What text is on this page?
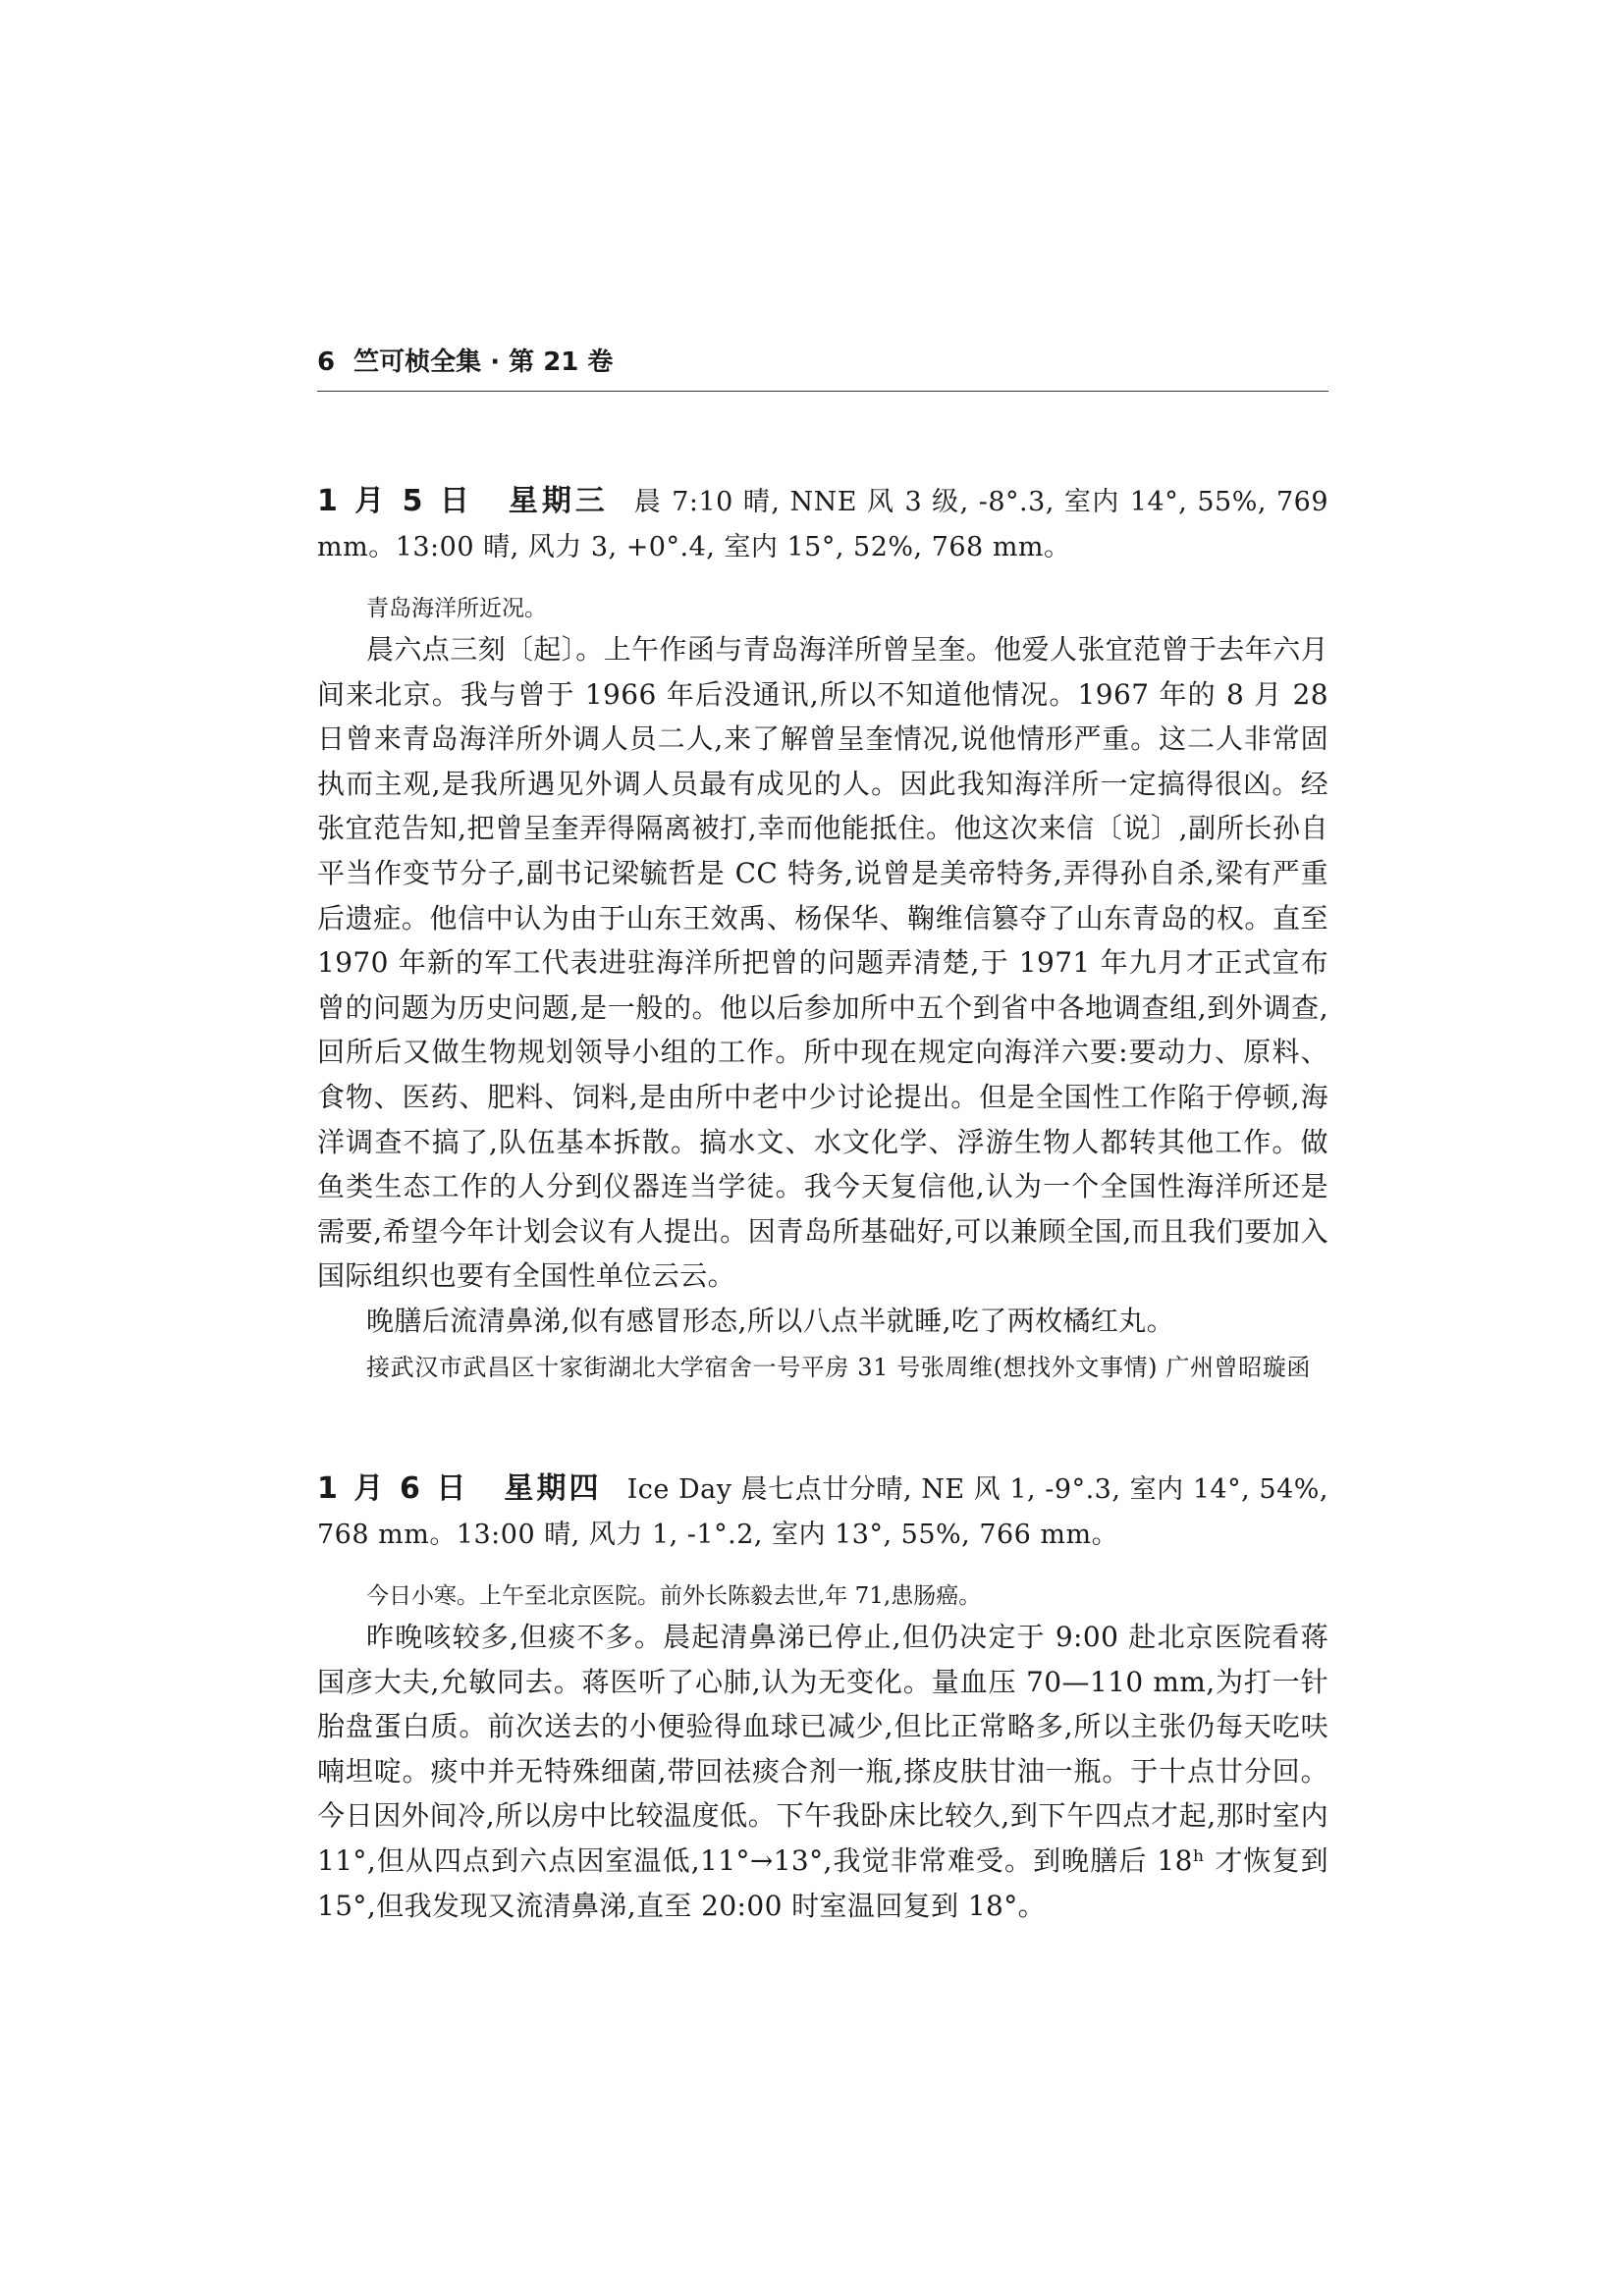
6 竺可桢全集 · 第 21 卷
1 月 5 日 星期三 晨 7:10 晴, NNE 风 3 级, -8°.3, 室内 14°, 55%, 769 mm。13:00 晴, 风力 3, +0°.4, 室内 15°, 52%, 768 mm。
青岛海洋所近况。

晨六点三刻〔起〕。上午作函与青岛海洋所曾呈奎。他爱人张宜范曾于去年六月间来北京。我与曾于 1966 年后没通讯,所以不知道他情况。1967 年的 8 月 28 日曾来青岛海洋所外调人员二人,来了解曾呈奎情况,说他情形严重。这二人非常固执而主观,是我所遇见外调人员最有成见的人。因此我知海洋所一定搞得很凶。经张宜范告知,把曾呈奎弄得隔离被打,幸而他能抵住。他这次来信〔说〕,副所长孙自平当作变节分子,副书记梁毓哲是 CC 特务,说曾是美帝特务,弄得孙自杀,梁有严重后遗症。他信中认为由于山东王效禹、杨保华、鞠维信篡夺了山东青岛的权。直至 1970 年新的军工代表进驻海洋所把曾的问题弄清楚,于 1971 年九月才正式宣布曾的问题为历史问题,是一般的。他以后参加所中五个到省中各地调查组,到外调查,回所后又做生物规划领导小组的工作。所中现在规定向海洋六要:要动力、原料、食物、医药、肥料、饲料,是由所中老中少讨论提出。但是全国性工作陷于停顿,海洋调查不搞了,队伍基本拆散。搞水文、水文化学、浮游生物人都转其他工作。做鱼类生态工作的人分到仪器连当学徒。我今天复信他,认为一个全国性海洋所还是需要,希望今年计划会议有人提出。因青岛所基础好,可以兼顾全国,而且我们要加入国际组织也要有全国性单位云云。

晚膳后流清鼻涕,似有感冒形态,所以八点半就睡,吃了两枚橘红丸。

接武汉市武昌区十家街湖北大学宿舍一号平房 31 号张周维(想找外文事情) 广州曾昭璇函
1 月 6 日 星期四 Ice Day 晨七点廿分晴, NE 风 1, -9°.3, 室内 14°, 54%, 768 mm。13:00 晴, 风力 1, -1°.2, 室内 13°, 55%, 766 mm。
今日小寒。上午至北京医院。前外长陈毅去世,年 71,患肠癌。

昨晚咳较多,但痰不多。晨起清鼻涕已停止,但仍决定于 9:00 赴北京医院看蒋国彦大夫,允敏同去。蒋医听了心肺,认为无变化。量血压 70—110 mm,为打一针胎盘蛋白质。前次送去的小便验得血球已减少,但比正常略多,所以主张仍每天吃呋喃坦啶。痰中并无特殊细菌,带回祛痰合剂一瓶,搽皮肤甘油一瓶。于十点廿分回。今日因外间冷,所以房中比较温度低。下午我卧床比较久,到下午四点才起,那时室内 11°,但从四点到六点因室温低,11°→13°,我觉非常难受。到晚膳后 18ʰ 才恢复到 15°,但我发现又流清鼻涕,直至 20:00 时室温回复到 18°。
